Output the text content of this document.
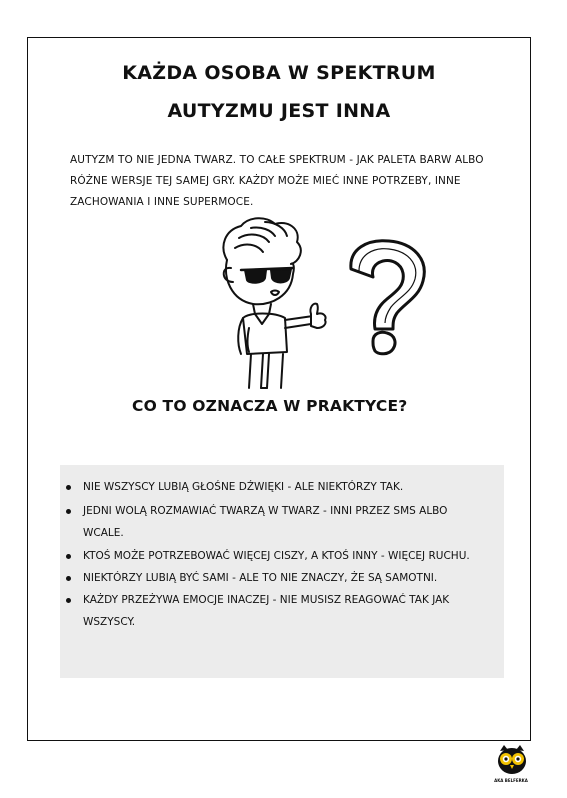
KAŻDA OSOBA W SPEKTRUM
AUTYZMU JEST INNA
AUTYZM TO NIE JEDNA TWARZ. TO CAŁE SPEKTRUM - JAK PALETA BARW ALBO
RÓŻNE WERSJE TEJ SAMEJ GRY. KAŻDY MOŻE MIEĆ INNE POTRZEBY, INNE
ZACHOWANIA I INNE SUPERMOCE.
CO TO OZNACZA W PRAKTYCE?
NIE WSZYSCY LUBIĄ GŁOŚNE DŹWIĘKI - ALE NIEKTÓRZY TAK.
JEDNI WOLĄ ROZMAWIAĆ TWARZĄ W TWARZ - INNI PRZEZ SMS ALBO
WCALE.
KTOŚ MOŻE POTRZEBOWAĆ WIĘCEJ CISZY, A KTOŚ INNY - WIĘCEJ RUCHU.
NIEKTÓRZY LUBIĄ BYĆ SAMI - ALE TO NIE ZNACZY, ŻE SĄ SAMOTNI.
KAŻDY PRZEŻYWA EMOCJE INACZEJ - NIE MUSISZ REAGOWAĆ TAK JAK
WSZYSCY.
AKA BELFERKA
